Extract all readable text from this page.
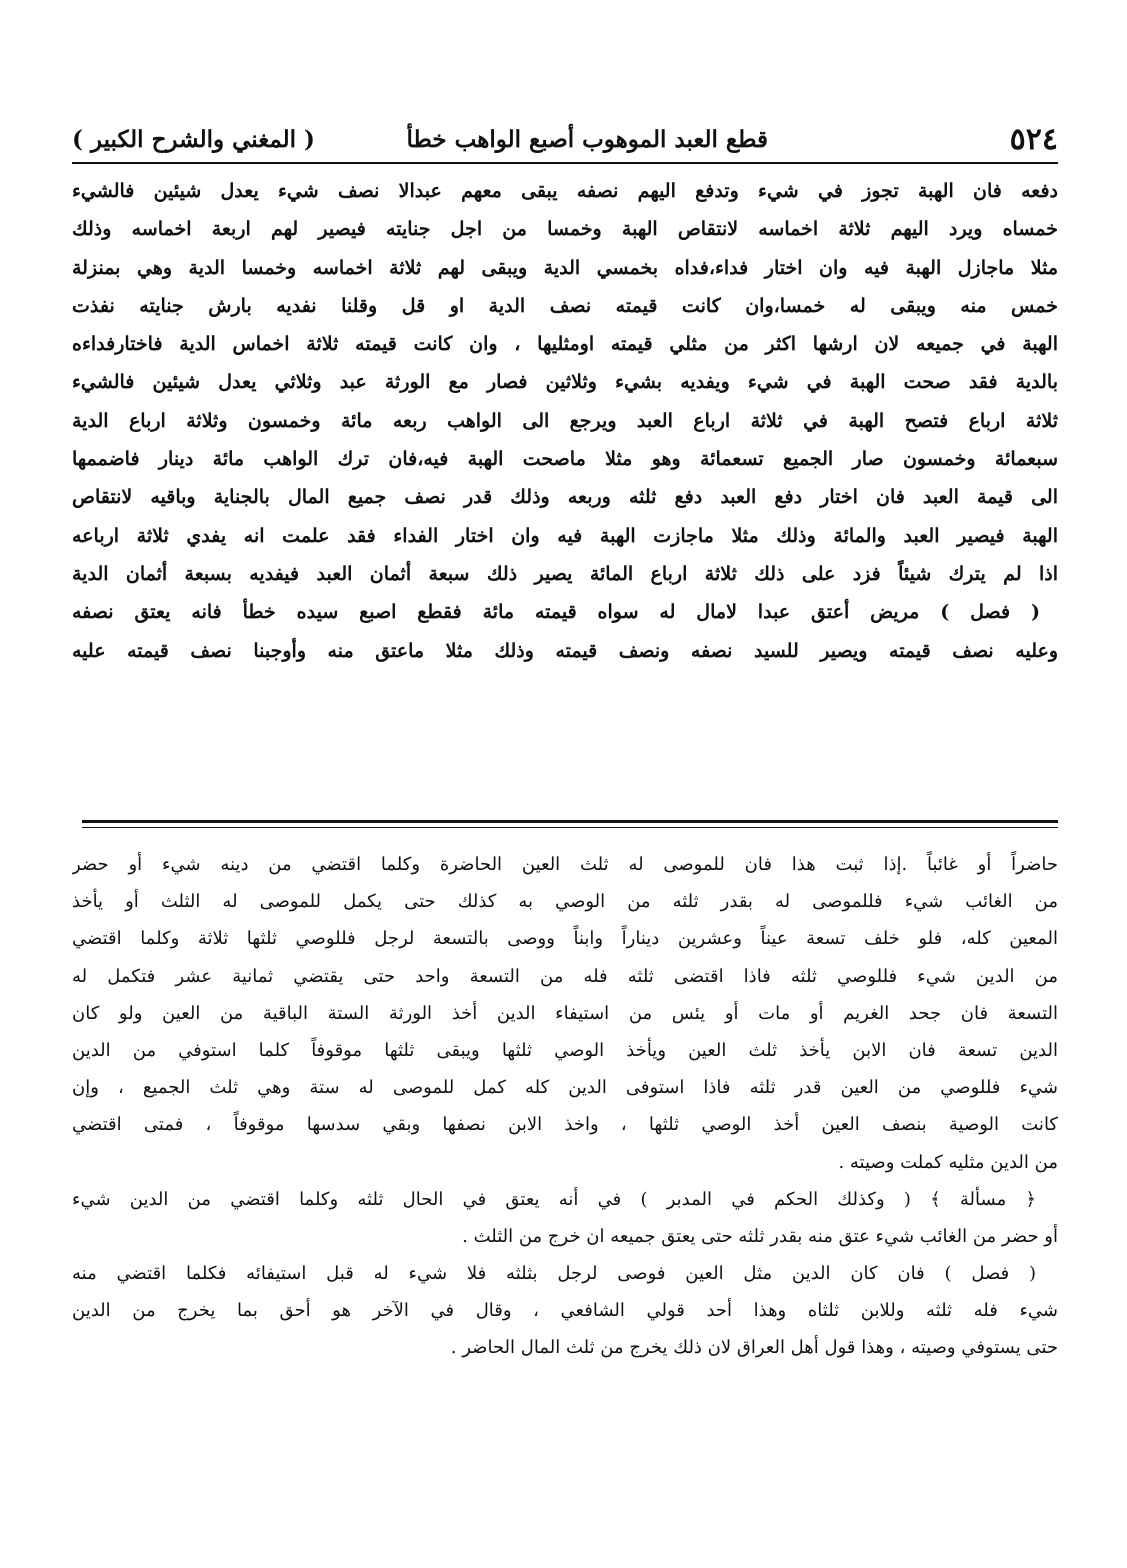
٥٢٤
قطع العبد الموهوب أصبع الواهب خطأ
( المغني والشرح الكبير )
دفعه فان الهبة تجوز في شيء وتدفع اليهم نصفه يبقى معهم عبدالا نصف شيء يعدل شيئين فالشيء
خمساه ويرد اليهم ثلاثة اخماسه لانتقاص الهبة وخمسا من اجل جنايته فيصير لهم اربعة اخماسه وذلك
مثلا ماجازل الهبة فيه وان اختار فداء،فداه بخمسي الدية ويبقى لهم ثلاثة اخماسه وخمسا الدية وهي بمنزلة
خمس منه ويبقى له خمسا،وان كانت قيمته نصف الدية او قل وقلنا نفديه بارش جنايته نفذت
الهبة في جميعه لان ارشها اكثر من مثلي قيمته اومثليها ، وان كانت قيمته ثلاثة اخماس الدية فاختارفداءه
بالدية فقد صحت الهبة في شيء ويفديه بشيء وثلاثين فصار مع الورثة عبد وثلاثي يعدل شيئين فالشيء
ثلاثة ارباع فتصح الهبة في ثلاثة ارباع العبد ويرجع الى الواهب ربعه مائة وخمسون وثلاثة ارباع الدية
سبعمائة وخمسون صار الجميع تسعمائة وهو مثلا ماصحت الهبة فيه،فان ترك الواهب مائة دينار فاضممها
الى قيمة العبد فان اختار دفع العبد دفع ثلثه وربعه وذلك قدر نصف جميع المال بالجناية وباقيه لانتقاص
الهبة فيصير العبد والمائة وذلك مثلا ماجازت الهبة فيه وان اختار الفداء فقد علمت انه يفدي ثلاثة ارباعه
اذا لم يترك شيئاً فزد على ذلك ثلاثة ارباع المائة يصير ذلك سبعة أثمان العبد فيفديه بسبعة أثمان الدية
( فصل ) مريض أعتق عبدا لامال له سواه قيمته مائة فقطع اصبع سيده خطأ فانه يعتق نصفه
وعليه نصف قيمته ويصير للسيد نصفه ونصف قيمته وذلك مثلا ماعتق منه وأوجبنا نصف قيمته عليه
حاضراً أو غائباً .إذا ثبت هذا فان للموصى له ثلث العين الحاضرة وكلما اقتضي من دينه شيء أو حضر
من الغائب شيء فللموصى له بقدر ثلثه من الوصي به كذلك حتى يكمل للموصى له الثلث أو يأخذ
المعين كله، فلو خلف تسعة عيناً وعشرين ديناراً وابناً ووصى بالتسعة لرجل فللوصي ثلثها ثلاثة وكلما اقتضي
من الدين شيء فللوصي ثلثه فاذا اقتضى ثلثه فله من التسعة واحد حتى يقتضي ثمانية عشر فتكمل له
التسعة فان جحد الغريم أو مات أو يئس من استيفاء الدين أخذ الورثة الستة الباقية من العين ولو كان
الدين تسعة فان الابن يأخذ ثلث العين ويأخذ الوصي ثلثها ويبقى ثلثها موقوفاً كلما استوفي من الدين
شيء فللوصي من العين قدر ثلثه فاذا استوفى الدين كله كمل للموصى له ستة وهي ثلث الجميع ، وإن
كانت الوصية بنصف العين أخذ الوصي ثلثها ، واخذ الابن نصفها وبقي سدسها موقوفاً ، فمتى اقتضي
من الدين مثليه كملت وصيته .
﴿ مسألة ﴾ ( وكذلك الحكم في المدبر ) في أنه يعتق في الحال ثلثه وكلما اقتضي من الدين شيء
أو حضر من الغائب شيء عتق منه بقدر ثلثه حتى يعتق جميعه ان خرج من الثلث .
( فصل ) فان كان الدين مثل العين فوصى لرجل بثلثه فلا شيء له قبل استيفائه فكلما اقتضي منه
شيء فله ثلثه وللابن ثلثاه وهذا أحد قولي الشافعي ، وقال في الآخر هو أحق بما يخرج من الدين
حتى يستوفي وصيته ، وهذا قول أهل العراق لان ذلك يخرج من ثلث المال الحاضر .
